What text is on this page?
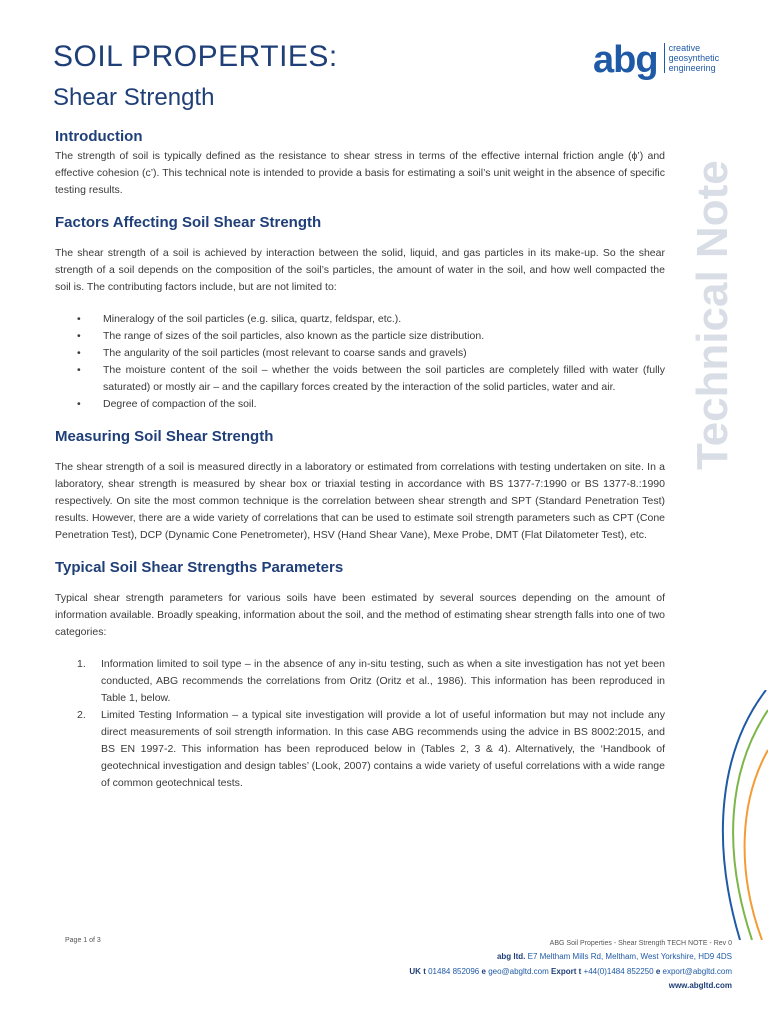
SOIL PROPERTIES:
Shear Strength
abg creative
geosynthetic
engineering
Technical Note
Introduction

The strength of soil is typically defined as the resistance to shear stress in terms of the effective internal friction angle (ϕ’) and effective cohesion (c’). This technical note is intended to provide a basis for estimating a soil’s unit weight in the absence of specific testing results.

Factors Affecting Soil Shear Strength

The shear strength of a soil is achieved by interaction between the solid, liquid, and gas particles in its make-up. So the shear strength of a soil depends on the composition of the soil’s particles, the amount of water in the soil, and how well compacted the soil is. The contributing factors include, but are not limited to:

• Mineralogy of the soil particles (e.g. silica, quartz, feldspar, etc.).
• The range of sizes of the soil particles, also known as the particle size distribution.
• The angularity of the soil particles (most relevant to coarse sands and gravels)
• The moisture content of the soil – whether the voids between the soil particles are completely filled with water (fully saturated) or mostly air – and the capillary forces created by the interaction of the solid particles, water and air.
• Degree of compaction of the soil.
Measuring Soil Shear Strength

The shear strength of a soil is measured directly in a laboratory or estimated from correlations with testing undertaken on site. In a laboratory, shear strength is measured by shear box or triaxial testing in accordance with BS 1377-7:1990 or BS 1377-8.:1990 respectively. On site the most common technique is the correlation between shear strength and SPT (Standard Penetration Test) results. However, there are a wide variety of correlations that can be used to estimate soil strength parameters such as CPT (Cone Penetration Test), DCP (Dynamic Cone Penetrometer), HSV (Hand Shear Vane), Mexe Probe, DMT (Flat Dilatometer Test), etc.

Typical Soil Shear Strengths Parameters

Typical shear strength parameters for various soils have been estimated by several sources depending on the amount of information available. Broadly speaking, information about the soil, and the method of estimating shear strength falls into one of two categories:

1. Information limited to soil type – in the absence of any in-situ testing, such as when a site investigation has not yet been conducted, ABG recommends the correlations from Oritz (Oritz et al., 1986). This information has been reproduced in Table 1, below.
2. Limited Testing Information – a typical site investigation will provide a lot of useful information but may not include any direct measurements of soil strength information. In this case ABG recommends using the advice in BS 8002:2015, and BS EN 1997-2. This information has been reproduced below in (Tables 2, 3 & 4). Alternatively, the ‘Handbook of geotechnical investigation and design tables’ (Look, 2007) contains a wide variety of useful correlations with a wide range of common geotechnical tests.
Page 1 of 3	ABG Soil Properties - Shear Strength TECH NOTE - Rev 0
abg ltd. E7 Meltham Mills Rd, Meltham, West Yorkshire, HD9 4DS
UK t 01484 852096 e geo@abgltd.com Export t +44(0)1484 852250 e export@abgltd.com
www.abgltd.com
